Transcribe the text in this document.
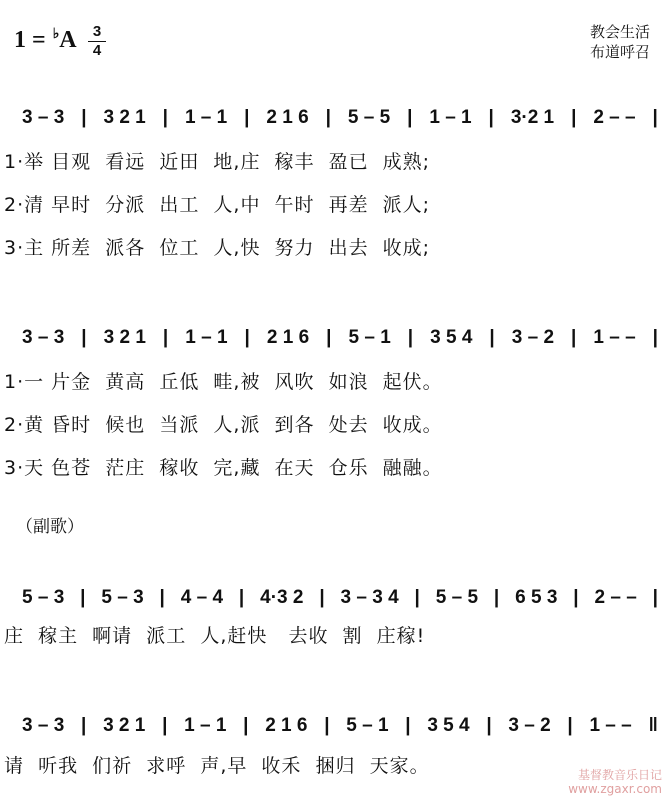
1 = ♭A	3
4
教会生活
布道呼召
（副歌）
3 – 3 | 3 2 1 | 1 – 1 | 2 1 6 | 5 – 5 | 1 – 1 | 3·2 1 | 2 – – |
1·举 目观  看远  近田  地,庄  稼丰  盈已  成熟;
2·清 早时  分派  出工  人,中  午时  再差  派人;
3·主 所差  派各  位工  人,快  努力  出去  收成;
3 – 3 | 3 2 1 | 1 – 1 | 2 1 6 | 5 – 1 | 3 5 4 | 3 – 2 | 1 – – |
1·一 片金  黄高  丘低  畦,被  风吹  如浪  起伏。
2·黄 昏时  候也  当派  人,派  到各  处去  收成。
3·天 色苍  茫庄  稼收  完,藏  在天  仓乐  融融。
5 – 3 | 5 – 3 | 4 – 4 | 4·3 2 | 3 – 3 4 | 5 – 5 | 6 5 3 | 2 – – |
庄  稼主  啊请  派工  人,赶快   去收  割  庄稼!
3 – 3 | 3 2 1 | 1 – 1 | 2 1 6 | 5 – 1 | 3 5 4 | 3 – 2 | 1 – – ‖
请  听我  们祈  求呼  声,早  收禾  捆归  天家。	基督教音乐日记
www.zgaxr.com
